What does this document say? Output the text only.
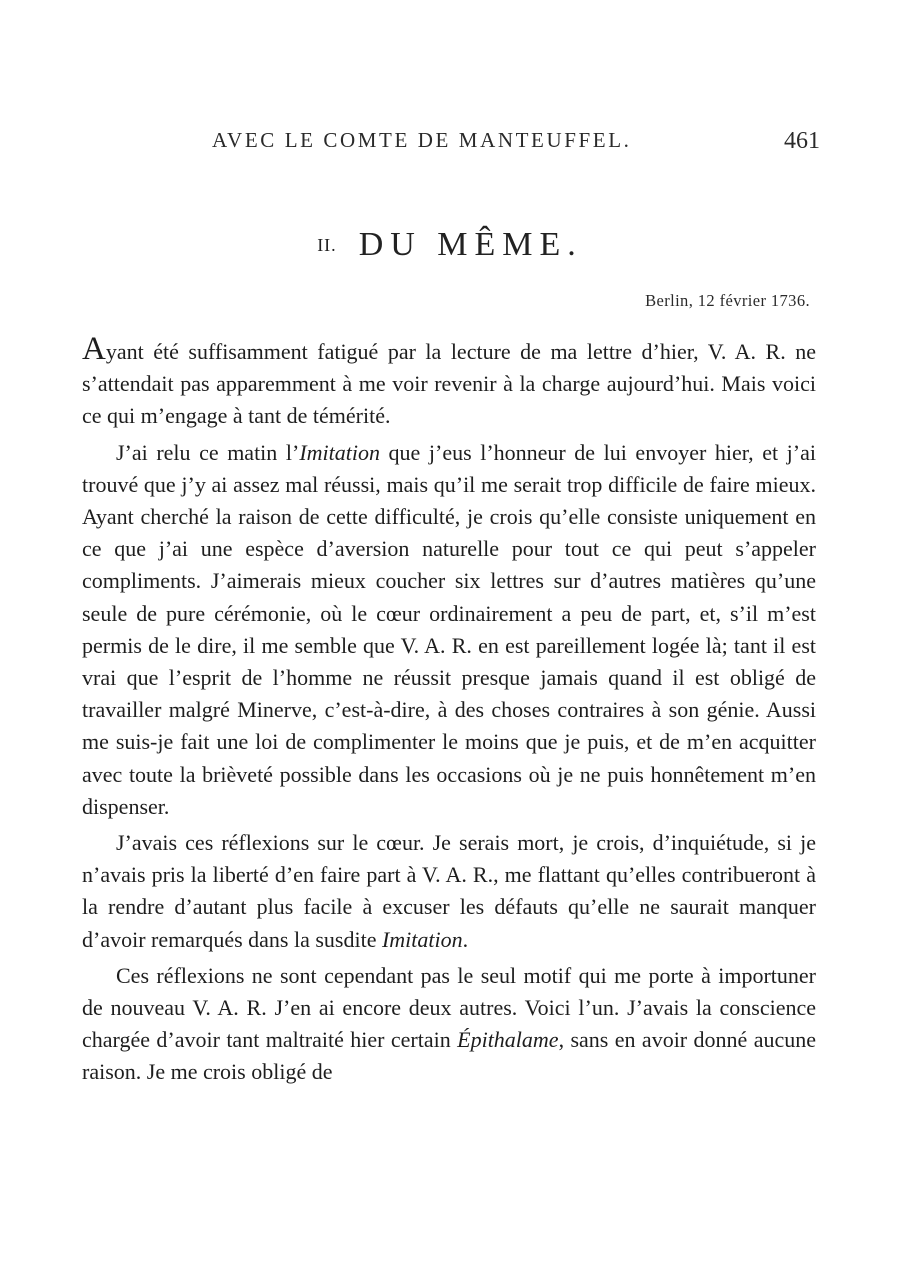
AVEC LE COMTE DE MANTEUFFEL.	461
II. DU MÊME.
Berlin, 12 février 1736.

Ayant été suffisamment fatigué par la lecture de ma lettre d’hier, V. A. R. ne s’attendait pas apparemment à me voir revenir à la charge aujourd’hui. Mais voici ce qui m’engage à tant de témérité.

J’ai relu ce matin l’Imitation que j’eus l’honneur de lui envoyer hier, et j’ai trouvé que j’y ai assez mal réussi, mais qu’il me serait trop difficile de faire mieux. Ayant cherché la raison de cette difficulté, je crois qu’elle consiste uniquement en ce que j’ai une espèce d’aversion naturelle pour tout ce qui peut s’appeler compliments. J’aimerais mieux coucher six lettres sur d’autres matières qu’une seule de pure cérémonie, où le cœur ordinairement a peu de part, et, s’il m’est permis de le dire, il me semble que V. A. R. en est pareillement logée là; tant il est vrai que l’esprit de l’homme ne réussit presque jamais quand il est obligé de travailler malgré Minerve, c’est-à-dire, à des choses contraires à son génie. Aussi me suis-je fait une loi de complimenter le moins que je puis, et de m’en acquitter avec toute la brièveté possible dans les occasions où je ne puis honnêtement m’en dispenser.

J’avais ces réflexions sur le cœur. Je serais mort, je crois, d’inquiétude, si je n’avais pris la liberté d’en faire part à V. A. R., me flattant qu’elles contribueront à la rendre d’autant plus facile à excuser les défauts qu’elle ne saurait manquer d’avoir remarqués dans la susdite Imitation.

Ces réflexions ne sont cependant pas le seul motif qui me porte à importuner de nouveau V. A. R. J’en ai encore deux autres. Voici l’un. J’avais la conscience chargée d’avoir tant maltraité hier certain Épithalame, sans en avoir donné aucune raison. Je me crois obligé de
